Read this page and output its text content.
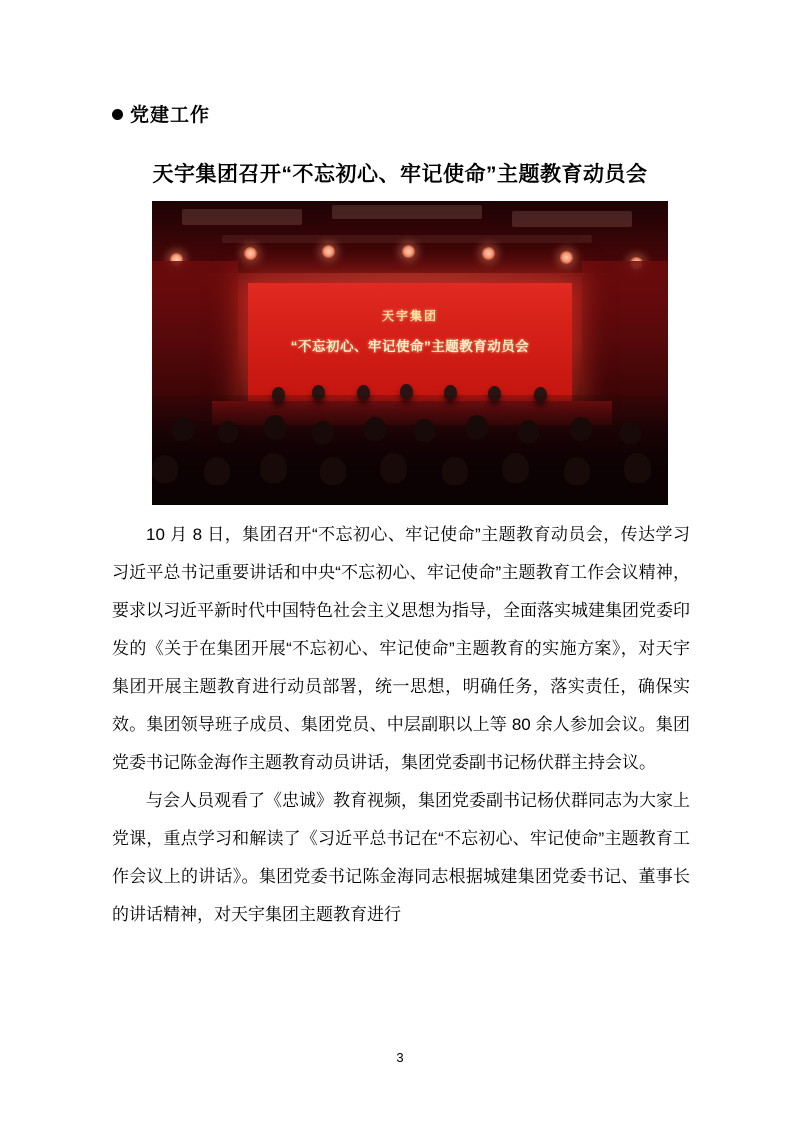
党建工作
天宇集团召开“不忘初心、牢记使命”主题教育动员会
天宇集团
“不忘初心、牢记使命”主题教育动员会

10 月 8 日，集团召开“不忘初心、牢记使命”主题教育动员会，传达学习习近平总书记重要讲话和中央“不忘初心、牢记使命”主题教育工作会议精神，要求以习近平新时代中国特色社会主义思想为指导，全面落实城建集团党委印发的《关于在集团开展“不忘初心、牢记使命”主题教育的实施方案》，对天宇集团开展主题教育进行动员部署，统一思想，明确任务，落实责任，确保实效。集团领导班子成员、集团党员、中层副职以上等 80 余人参加会议。集团党委书记陈金海作主题教育动员讲话，集团党委副书记杨伏群主持会议。

与会人员观看了《忠诚》教育视频，集团党委副书记杨伏群同志为大家上党课，重点学习和解读了《习近平总书记在“不忘初心、牢记使命”主题教育工作会议上的讲话》。集团党委书记陈金海同志根据城建集团党委书记、董事长的讲话精神，对天宇集团主题教育进行

3
